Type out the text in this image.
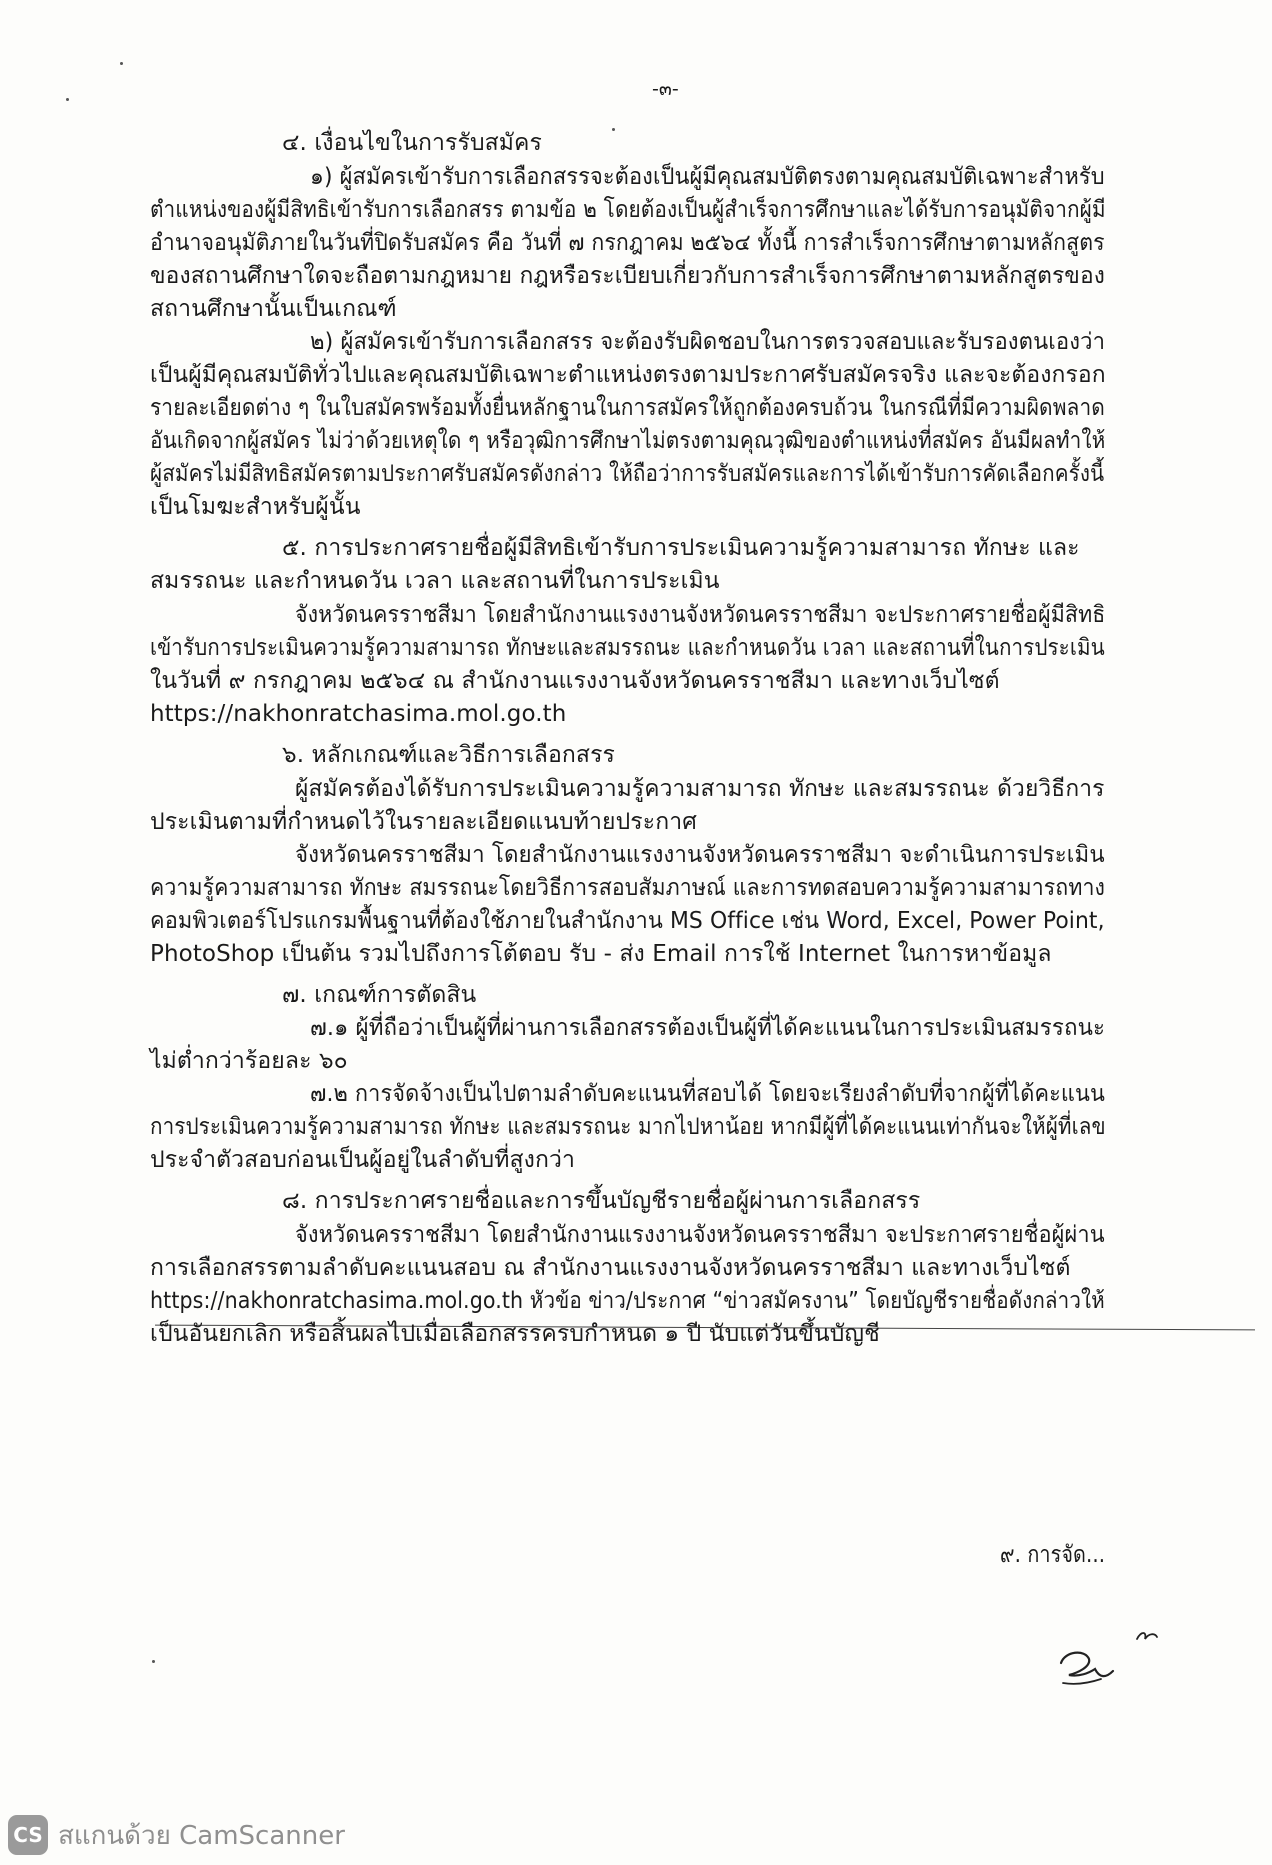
-๓-
๔. เงื่อนไขในการรับสมัคร
๑) ผู้สมัครเข้ารับการเลือกสรรจะต้องเป็นผู้มีคุณสมบัติตรงตามคุณสมบัติเฉพาะสำหรับ
ตำแหน่งของผู้มีสิทธิเข้ารับการเลือกสรร ตามข้อ ๒ โดยต้องเป็นผู้สำเร็จการศึกษาและได้รับการอนุมัติจากผู้มี
อำนาจอนุมัติภายในวันที่ปิดรับสมัคร คือ วันที่ ๗ กรกฎาคม ๒๕๖๔ ทั้งนี้ การสำเร็จการศึกษาตามหลักสูตร
ของสถานศึกษาใดจะถือตามกฎหมาย กฎหรือระเบียบเกี่ยวกับการสำเร็จการศึกษาตามหลักสูตรของ
สถานศึกษานั้นเป็นเกณฑ์
๒) ผู้สมัครเข้ารับการเลือกสรร จะต้องรับผิดชอบในการตรวจสอบและรับรองตนเองว่า
เป็นผู้มีคุณสมบัติทั่วไปและคุณสมบัติเฉพาะตำแหน่งตรงตามประกาศรับสมัครจริง และจะต้องกรอก
รายละเอียดต่าง ๆ ในใบสมัครพร้อมทั้งยื่นหลักฐานในการสมัครให้ถูกต้องครบถ้วน ในกรณีที่มีความผิดพลาด
อันเกิดจากผู้สมัคร ไม่ว่าด้วยเหตุใด ๆ หรือวุฒิการศึกษาไม่ตรงตามคุณวุฒิของตำแหน่งที่สมัคร อันมีผลทำให้
ผู้สมัครไม่มีสิทธิสมัครตามประกาศรับสมัครดังกล่าว ให้ถือว่าการรับสมัครและการได้เข้ารับการคัดเลือกครั้งนี้
เป็นโมฆะสำหรับผู้นั้น
๕. การประกาศรายชื่อผู้มีสิทธิเข้ารับการประเมินความรู้ความสามารถ ทักษะ และ
สมรรถนะ และกำหนดวัน เวลา และสถานที่ในการประเมิน
จังหวัดนครราชสีมา โดยสำนักงานแรงงานจังหวัดนครราชสีมา จะประกาศรายชื่อผู้มีสิทธิ
เข้ารับการประเมินความรู้ความสามารถ ทักษะและสมรรถนะ และกำหนดวัน เวลา และสถานที่ในการประเมิน
ในวันที่ ๙ กรกฎาคม ๒๕๖๔ ณ สำนักงานแรงงานจังหวัดนครราชสีมา และทางเว็บไซต์
https://nakhonratchasima.mol.go.th
๖. หลักเกณฑ์และวิธีการเลือกสรร
ผู้สมัครต้องได้รับการประเมินความรู้ความสามารถ ทักษะ และสมรรถนะ ด้วยวิธีการ
ประเมินตามที่กำหนดไว้ในรายละเอียดแนบท้ายประกาศ
จังหวัดนครราชสีมา โดยสำนักงานแรงงานจังหวัดนครราชสีมา จะดำเนินการประเมิน
ความรู้ความสามารถ ทักษะ สมรรถนะโดยวิธีการสอบสัมภาษณ์ และการทดสอบความรู้ความสามารถทาง
คอมพิวเตอร์โปรแกรมพื้นฐานที่ต้องใช้ภายในสำนักงาน MS Office เช่น Word, Excel, Power Point,
PhotoShop เป็นต้น รวมไปถึงการโต้ตอบ รับ - ส่ง Email การใช้ Internet ในการหาข้อมูล
๗. เกณฑ์การตัดสิน
๗.๑ ผู้ที่ถือว่าเป็นผู้ที่ผ่านการเลือกสรรต้องเป็นผู้ที่ได้คะแนนในการประเมินสมรรถนะ
ไม่ต่ำกว่าร้อยละ ๖๐
๗.๒ การจัดจ้างเป็นไปตามลำดับคะแนนที่สอบได้ โดยจะเรียงลำดับที่จากผู้ที่ได้คะแนน
การประเมินความรู้ความสามารถ ทักษะ และสมรรถนะ มากไปหาน้อย หากมีผู้ที่ได้คะแนนเท่ากันจะให้ผู้ที่เลข
ประจำตัวสอบก่อนเป็นผู้อยู่ในลำดับที่สูงกว่า
๘. การประกาศรายชื่อและการขึ้นบัญชีรายชื่อผู้ผ่านการเลือกสรร
จังหวัดนครราชสีมา โดยสำนักงานแรงงานจังหวัดนครราชสีมา จะประกาศรายชื่อผู้ผ่าน
การเลือกสรรตามลำดับคะแนนสอบ ณ สำนักงานแรงงานจังหวัดนครราชสีมา และทางเว็บไซต์
https://nakhonratchasima.mol.go.th หัวข้อ ข่าว/ประกาศ “ข่าวสมัครงาน” โดยบัญชีรายชื่อดังกล่าวให้
เป็นอันยกเลิก หรือสิ้นผลไปเมื่อเลือกสรรครบกำหนด ๑ ปี นับแต่วันขึ้นบัญชี
๙. การจัด...
CS สแกนด้วย CamScanner
